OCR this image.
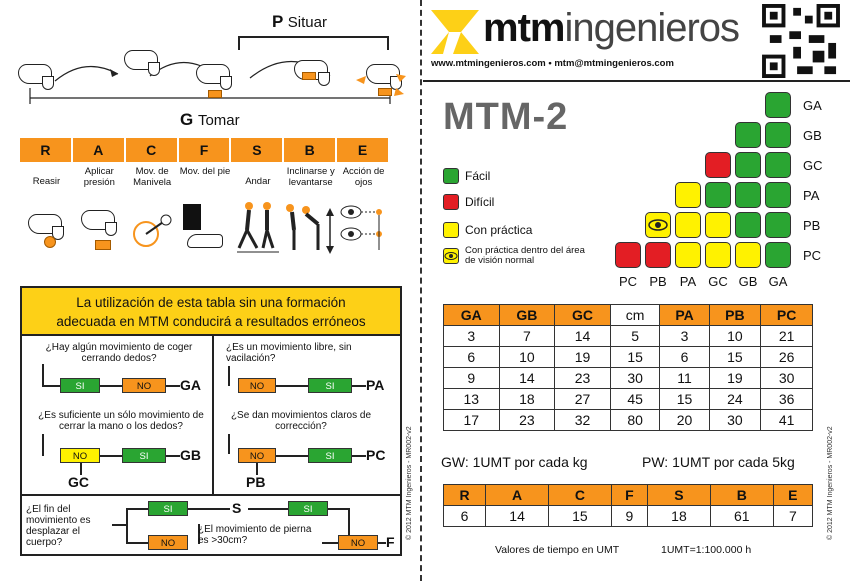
P Situar
G Tomar
R	A	C	F	S	B	E
Reasir
Aplicar presión
Mov. de Manivela
Mov. del pie
Andar
Inclinarse y levantarse
Acción de ojos
La utilización de esta tabla sin una formación
adecuada en MTM conducirá a resultados erróneos
¿Hay algún movimiento de coger cerrando dedos?
SI	NO	GA
¿Es suficiente un sólo movimiento de cerrar la mano o los dedos?
NO	SI	GB
GC
¿Es un movimiento libre, sin vacilación?
NO	SI	PA
¿Se dan movimientos claros de corrección?
NO	SI	PC
PB
¿El fin del movimiento es desplazar el cuerpo?
SI
NO
S	SI
¿El movimiento de pierna es >30cm?	NO	F
© 2012 MTM Ingenieros - MR002-v2
mtmingenieros
www.mtmingenieros.com • mtm@mtmingenieros.com
MTM-2
Fácil
Difícil
Con práctica
Con práctica dentro del área de visión normal
GA
GB
GC
PA
PB
PC
PC PB	PA GC GB GA
GA	GB	GC	cm	PA	PB	PC
3	7	14	5	3	10	21
6	10	19	15	6	15	26
9	14	23	30	11	19	30
13	18	27	45	15	24	36
17	23	32	80	20	30	41
GW: 1UMT por cada kg	PW: 1UMT por cada 5kg
R	A	C	F	S	B	E
6	14	15	9	18	61	7
Valores de tiempo en UMT	1UMT=1:100.000 h
© 2012 MTM Ingenieros - MR002-v2
